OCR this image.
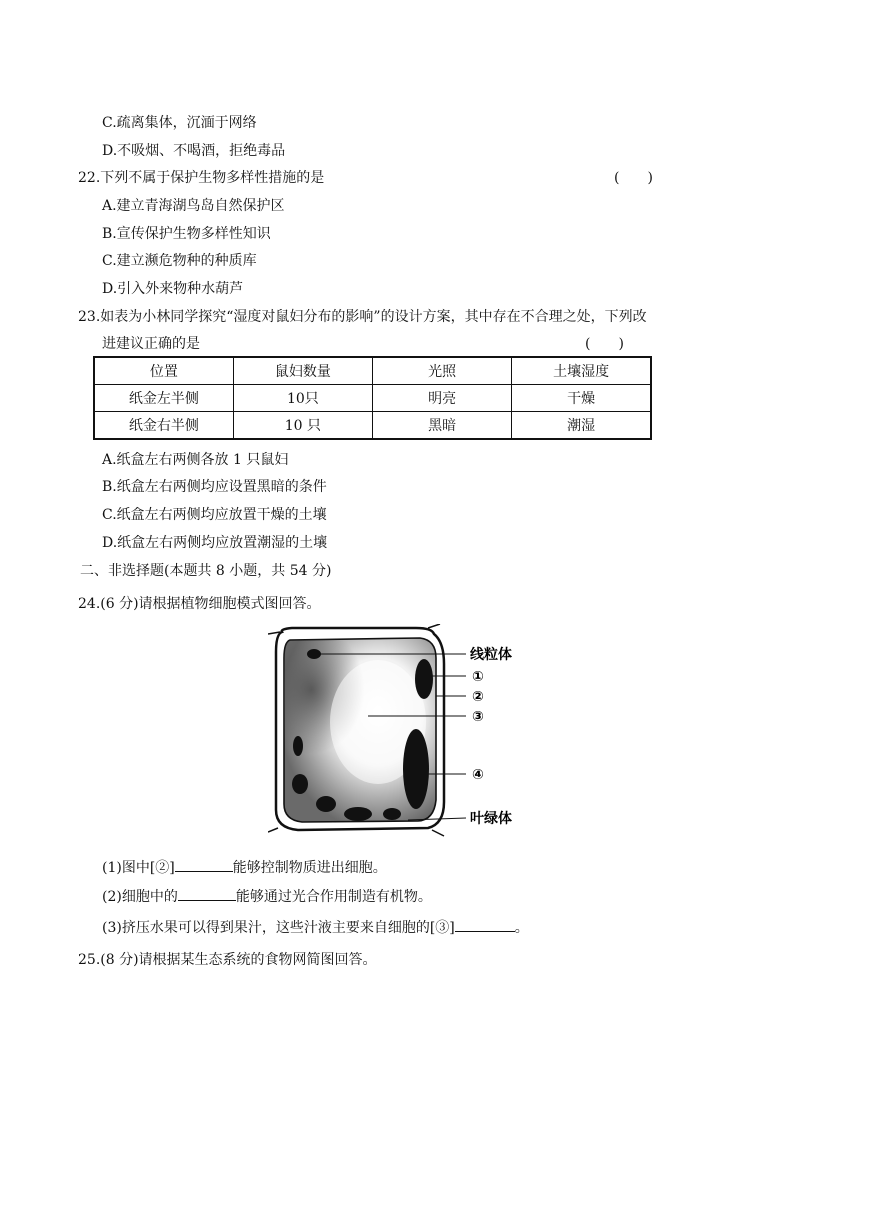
C.疏离集体，沉湎于网络
D.不吸烟、不喝酒，拒绝毒品
22.下列不属于保护生物多样性措施的是	(　　)
A.建立青海湖鸟岛自然保护区
B.宣传保护生物多样性知识
C.建立濒危物种的种质库
D.引入外来物种水葫芦
23.如表为小林同学探究“湿度对鼠妇分布的影响”的设计方案，其中存在不合理之处，下列改
进建议正确的是	(　　)
位置	鼠妇数量	光照	土壤湿度
纸金左半侧	10只	明亮	干燥
纸金右半侧	10 只	黑暗	潮湿
A.纸盒左右两侧各放 1 只鼠妇
B.纸盒左右两侧均应设置黑暗的条件
C.纸盒左右两侧均应放置干燥的土壤
D.纸盒左右两侧均应放置潮湿的土壤
二、非选择题(本题共 8 小题，共 54 分)
24.(6 分)请根据植物细胞模式图回答。
线粒体
①
②
③
④
叶绿体
(1)图中[②]	能够控制物质进出细胞。
(2)细胞中的	能够通过光合作用制造有机物。
(3)挤压水果可以得到果汁，这些汁液主要来自细胞的[③]	。
25.(8 分)请根据某生态系统的食物网简图回答。
